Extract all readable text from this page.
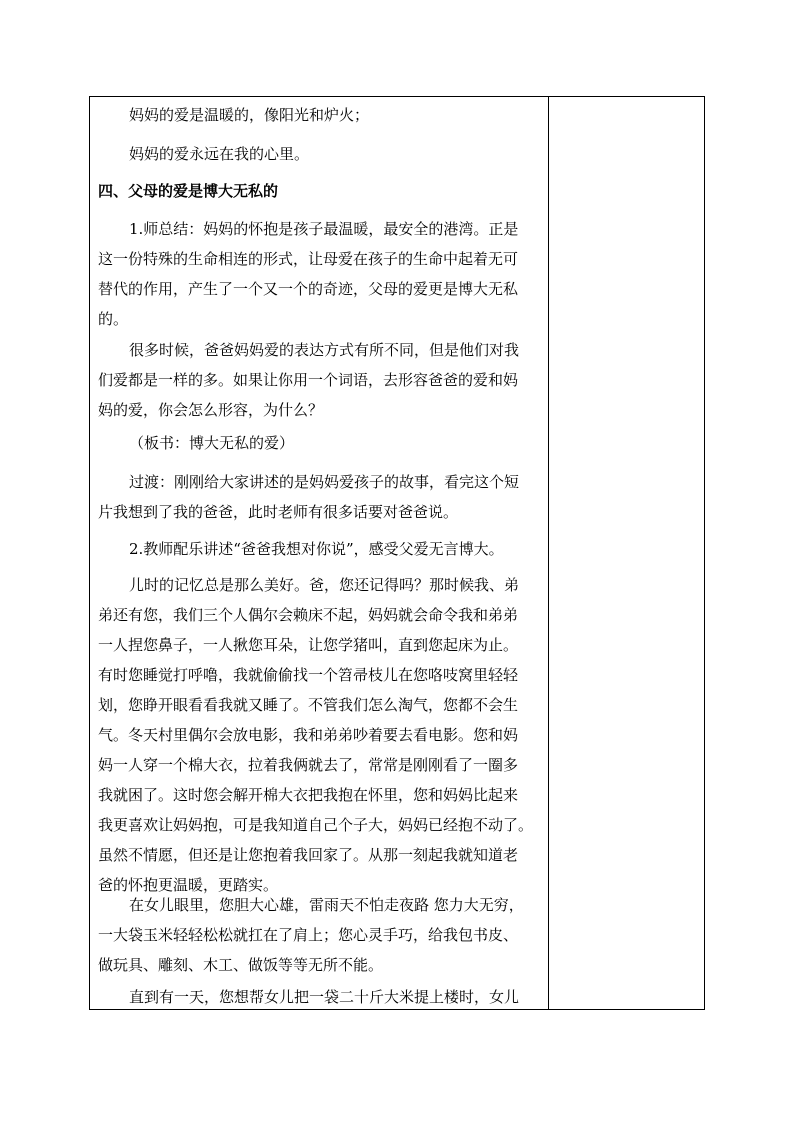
妈妈的爱是温暖的，像阳光和炉火；
妈妈的爱永远在我的心里。
四、父母的爱是博大无私的
1.师总结：妈妈的怀抱是孩子最温暖，最安全的港湾。正是
这一份特殊的生命相连的形式，让母爱在孩子的生命中起着无可
替代的作用，产生了一个又一个的奇迹，父母的爱更是博大无私
的。
很多时候，爸爸妈妈爱的表达方式有所不同，但是他们对我
们爱都是一样的多。如果让你用一个词语，去形容爸爸的爱和妈
妈的爱，你会怎么形容，为什么？
（板书：博大无私的爱）
过渡：刚刚给大家讲述的是妈妈爱孩子的故事，看完这个短
片我想到了我的爸爸，此时老师有很多话要对爸爸说。
2.教师配乐讲述“爸爸我想对你说”，感受父爱无言博大。
儿时的记忆总是那么美好。爸，您还记得吗？那时候我、弟
弟还有您，我们三个人偶尔会赖床不起，妈妈就会命令我和弟弟
一人捏您鼻子，一人揪您耳朵，让您学猪叫，直到您起床为止。
有时您睡觉打呼噜，我就偷偷找一个笤帚枝儿在您咯吱窝里轻轻
划，您睁开眼看看我就又睡了。不管我们怎么淘气，您都不会生
气。冬天村里偶尔会放电影，我和弟弟吵着要去看电影。您和妈
妈一人穿一个棉大衣，拉着我俩就去了，常常是刚刚看了一圈多
我就困了。这时您会解开棉大衣把我抱在怀里，您和妈妈比起来
我更喜欢让妈妈抱，可是我知道自己个子大，妈妈已经抱不动了。
虽然不情愿，但还是让您抱着我回家了。从那一刻起我就知道老
爸的怀抱更温暖，更踏实。
在女儿眼里，您胆大心雄，雷雨天不怕走夜路 您力大无穷，
一大袋玉米轻轻松松就扛在了肩上；您心灵手巧，给我包书皮、
做玩具、雕刻、木工、做饭等等无所不能。
直到有一天，您想帮女儿把一袋二十斤大米提上楼时，女儿
